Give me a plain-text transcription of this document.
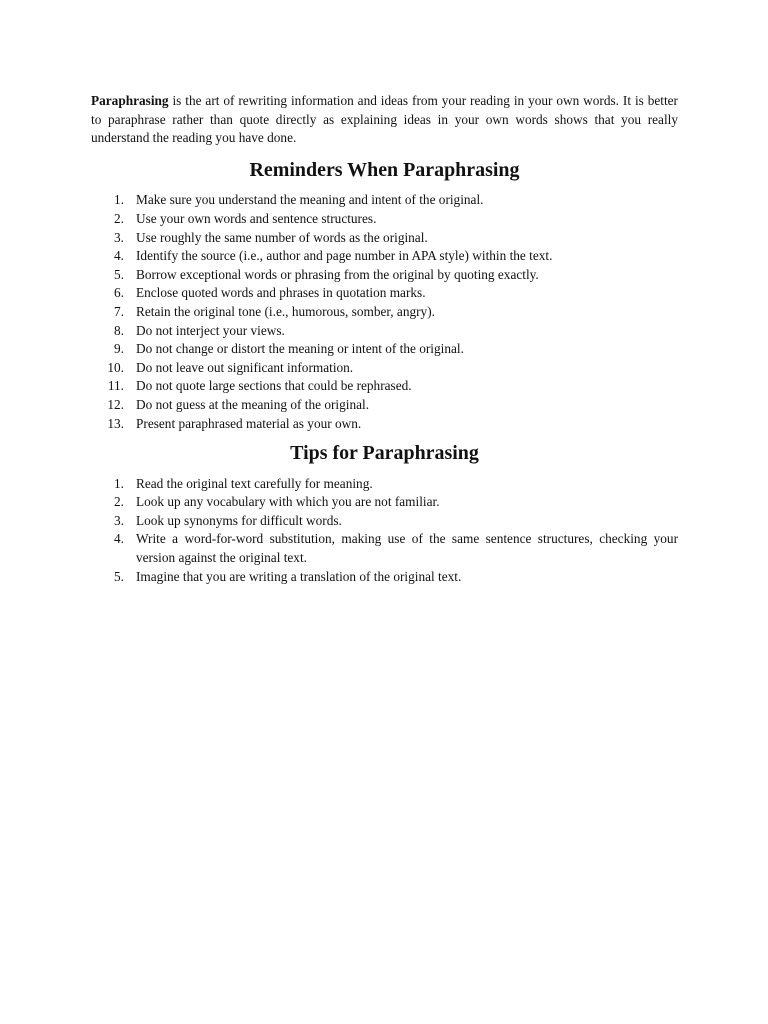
Paraphrasing is the art of rewriting information and ideas from your reading in your own words. It is better to paraphrase rather than quote directly as explaining ideas in your own words shows that you really understand the reading you have done.

Reminders When Paraphrasing
1. Make sure you understand the meaning and intent of the original.
2. Use your own words and sentence structures.
3. Use roughly the same number of words as the original.
4. Identify the source (i.e., author and page number in APA style) within the text.
5. Borrow exceptional words or phrasing from the original by quoting exactly.
6. Enclose quoted words and phrases in quotation marks.
7. Retain the original tone (i.e., humorous, somber, angry).
8. Do not interject your views.
9. Do not change or distort the meaning or intent of the original.
10. Do not leave out significant information.
11. Do not quote large sections that could be rephrased.
12. Do not guess at the meaning of the original.
13. Present paraphrased material as your own.
Tips for Paraphrasing
1. Read the original text carefully for meaning.
2. Look up any vocabulary with which you are not familiar.
3. Look up synonyms for difficult words.
4. Write a word-for-word substitution, making use of the same sentence structures, checking your version against the original text.
5. Imagine that you are writing a translation of the original text.
